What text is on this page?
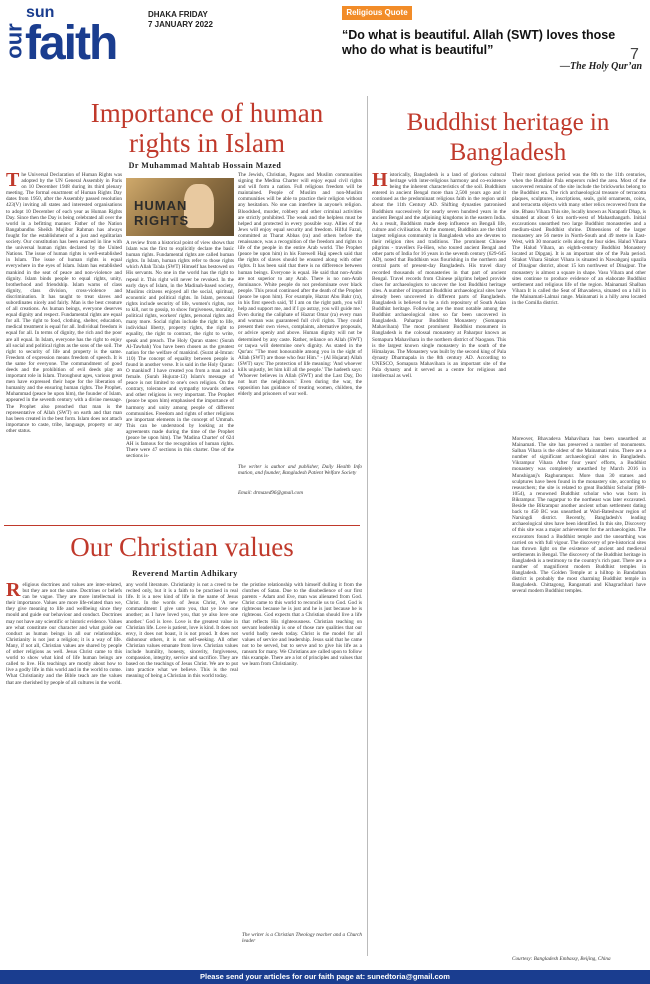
our
sun
faith
DHAKA FRIDAY
7 JANUARY 2022
Religious Quote
“Do what is beautiful. Allah (SWT) loves those who do what is beautiful”
—The Holy Qur’an
7
Importance of human rights in Islam
Dr Muhammad Mahtab Hossain Mazed
The Universal Declaration of Human Rights was adopted by the UN General Assembly in Paris on 10 December 1948 during its third plenary meeting. The formal enactment of Human Rights Day dates from 1950, after the Assembly passed resolution 423(V) inviting all states and interested organisations to adopt 10 December of each year as Human Rights Day. Since then the Day is being celebrated all over the world in a befitting manner. Father of the Nation Bangabandhu Sheikh Mujibur Rahman has always fought for the establishment of a just and egalitarian society. Our constitution has been enacted in line with the universal human rights declared by the United Nations. The issue of human rights is well-established in Islam. The issue of human rights is equal everywhere in the eyes of Islam. Islam has established mankind in the seat of peace and non-violence and dignity. Islam binds people to equal rights, unity, brotherhood and friendship. Islam warns of class dignity, class division, cross-violence and discrimination. It has taught to treat slaves and subordinates nicely and fairly. Man is the best creature of all creations. As human beings, everyone deserves equal dignity and respect. Fundamental rights are equal for all. The right to food, clothing, shelter, education, medical treatment is equal for all. Individual freedom is equal for all. In terms of dignity, the rich and the poor are all equal. In Islam, everyone has the right to enjoy all social and political rights as the sons of the soil. The right to security of life and property is the same. Freedom of expression means freedom of speech. It is the same for everyone. The commandment of good deeds and the prohibition of evil deeds play an important role in Islam. Throughout ages, various great men have expressed their hope for the liberation of humanity and the ensuring human rights. The Prophet, Muhammad (peace be upon him), the founder of Islam, appeared in the seventh century with a divine message. The Prophet also preached that man is the representative of Allah (SWT) on earth and that man has been created in the best form. Islam does not attach importance to caste, tribe, language, property or any other status.
HUMAN RIGHTS
A review from a historical point of view shows that Islam was the first to explicitly declare the basic human rights. Fundamental rights are called human rights. In Islam, human rights refer to those rights which Allah Ta'ala (SWT) Himself has bestowed on His servants. No one in the world has the right to repeal it. This right will never be revoked. In the early days of Islam, in the Madinah-based society, Muslims citizens enjoyed all the social, spiritual, economic and political rights. In Islam, personal rights include security of life, women's rights, not to kill, not to gossip, to show forgiveness, morality, political rights, workers' rights, personal rights and many more. Social rights include the right to life, individual liberty, property rights, the right to equality, the right to contract, the right to write, speak and preach. The Holy Quran states: (Surah Al-Tawbah) You have been chosen as the greatest nation for the welfare of mankind. (Surat al-Imran: 110) The concept of equality between people is found in another verse. It is said in the Holy Quran: O mankind! I have created you from a man and a female. (Surah Hujurat-13) Islam's message of peace is not limited to one's own religion. On the contrary, tolerance and sympathy towards others and other religions is very important. The Prophet (peace be upon him) emphasised the importance of harmony and unity among people of different communities. Freedom and rights of other religions are important elements in the concept of Ummah. This can be understood by looking at the agreements made during the time of the Prophet (peace be upon him). The 'Madina Charter' of 624 AH is famous for the recognition of human rights. There were 47 sections in this charter. One of the sections is-
The Jewish, Christian, Pagans and Muslim communities signing the Medina Charter will enjoy equal civil rights and will form a nation. Full religious freedom will be maintained. People of Muslim and non-Muslim communities will be able to practice their religion without any hesitation. No one can interfere in anyone's religion. Bloodshed, murder, robbery and other criminal activities are strictly prohibited. The weak and the helpless must be helped and protected in every possible way. Allies of the Jews will enjoy equal security and freedom. Hilful Fazul, committed at Tharat Abbas (ra) and others before the renaissance, was a recognition of the freedom and rights to life of the people in the entire Arab world. The Prophet (peace be upon him) in his Farewell Hajj speech said that the rights of slaves should be ensured along with other rights. It has been said that there is no difference between human beings. Everyone is equal. He said that non-Arabs are not superior to any Arab. There is no non-Arab dominance. White people do not predominate over black people. This proud continued after the death of the Prophet (peace be upon him). For example, Hazrat Abu Bakr (ra), in his first speech said, 'If I am on the right path, you will help and support me, and if I go astray, you will guide me.' Even during the caliphate of Hazrat Omar (ra) every man and woman was guaranteed full civil rights. They could present their own views, complaints, alternative proposals, or advice openly and above. Human dignity will not be determined by any caste. Rather, reliance on Allah (SWT) or taqwa will determine one's dignity. As stated in the Qur'an: "The most honourable among you in the sight of Allah (SWT) are those who fear Him." - (Al Hujarat) Allah (SWT) says: The protection of life meaning: 'And whoever kills unjustly, let him kill all the people.' The hadeeth says: 'Whoever believes in Allah (SWT) and the Last Day, Do not hurt the neighbours.' Even during the war, the opposition has guidance of treating women, children, the elderly and prisoners of war well.
The writer is author and publisher, Daily Health Info mation, and founder, Bangladesh Patient Welfare Society
Email: drmazed96@gmail.com
Our Christian values
Reverend Martin Adhikary
Religious doctrines and values are inter-related, but they are not the same. Doctrines or beliefs can be vague. They are more intellectual in their importance. Values are more life-related than we, they give meaning to life and wellbeing since they mould and guide our behaviour and conduct. Doctrines may not have any scientific or historic evidence. Values are what constitute our character and what guide our conduct as human beings in all our relationships. Christianity is not just a religion; it is a way of life. Many, if not all, Christian values are shared by people of other religions as well. Jesus Christ came to this world to show what kind of life human beings are called to live. His teachings are mostly about how to live a godly life in this world and in the world to come. What Christianity and the Bible teach are the values that are cherished by people of all cultures in the world.
any world literature. Christianity is not a creed to be recited only, but it is a faith to be practised in real life. It is a new kind of life in the name of Jesus Christ. In the words of Jesus Christ, 'A new commandment I give unto you, that ye love one another; as I have loved you, that ye also love one another.' God is love. Love is the greatest value in Christian life. Love is patient, love is kind. It does not envy, it does not boast, it is not proud. It does not dishonour others, it is not self-seeking. All other Christian values emanate from love. Christian values include humility, honesty, sincerity, forgiveness, compassion, integrity, service and sacrifice. They are based on the teachings of Jesus Christ. We are to put into practice what we believe. This is the real meaning of being a Christian in this world today.
the pristine relationship with himself dulling it from the clutches of Satan. Due to the disobedience of our first parents - Adam and Eve, man was alienated from God. Christ came to this world to reconcile us to God. God is righteous because he is just and he is just because he is righteous. God expects that a Christian should live a life that reflects His righteousness. Christian teaching on servant leadership is one of those rare qualities that our world badly needs today. Christ is the model for all values of service and leadership. Jesus said that he came not to be served, but to serve and to give his life as a ransom for many. We Christians are called upon to follow this example. There are a lot of principles and values that we learn from Christianity.
The writer is a Christian Theology teacher and a Church leader
Buddhist heritage in Bangladesh
Historically, Bangladesh is a land of glorious cultural heritage with inter-religious harmony and co-existence being the inherent characteristics of the soil. Buddhism entered in ancient Bengal more than 2,500 years ago and it continued as the predominant religious faith in the region until about the 11th Century AD. Shifting dynasties patronised Buddhism successively for nearly seven hundred years in the ancient Bengal and the adjoining kingdoms in the eastern India. As a result, Buddhism made deep influence on Bengali life, culture and civilisation. At the moment, Buddhists are the third largest religious community in Bangladesh who are devotes to their religion rites and traditions. The prominent Chinese pilgrims - travellers Fa-Hien, who toured ancient Bengal and other parts of India for 16 years in the seventh century (629-645 AD), noted that Buddhism was flourishing in the northern and central parts of present-day Bangladesh. His travel diary recorded thousands of monasteries in that part of ancient Bengal. Travel records from Chinese pilgrims helped provide clues for archaeologists to uncover the lost Buddhist heritage sites. A number of important Buddhist archaeological sites have already been uncovered in different parts of Bangladesh. Bangladesh is believed to be a rich repository of South Asian Buddhist heritage. Following are the most notable among the Buddhist archaeological sites so far been uncovered in Bangladesh. Paharpur Buddhist Monastery (Somapura Mahavihara) The most prominent Buddhist monument in Bangladesh is the colossal monastery at Paharpur known as Somapura Mahavihara in the northern district of Naogaon. This is the largest known single monastery in the south of the Himalayas. The Monastery was built by the second king of Pala dynasty Dharmapala in the 8th century AD. According to UNESCO, Somapura Mahavihara is an important site of the Pala dynasty and it served as a centre for religious and intellectual as well.
Their most glorious period was the 8th to the 11th centuries, when the Buddhist Pala emperors ruled the area. Most of the uncovered remains of the site include the brickworks belong to the Buddhist era. The rich archaeological treasure of terracotta plaques, sculptures, inscriptions, seals, gold ornaments, coins, and terracotta objects with many other relics recovered from the site. Bhasu Vihara This site, locally known as Narapatir Dhap, is situated at about 6 km north-west of Mahasthangarh. Initial excavations unearthed two large Buddhist monasteries and a medium-sized Buddhist shrine. Dimensions of the larger monastery are 56 metre in North-South and 49 metre in East-West, with 30 monastic cells along the four sides. Halud Vihara The Halud Vihara, an eighth-century Buddhist Monastery located at Dipganj. It is an important site of the Pala period. Sitakot Vihara Sitakot Vihara is situated in Nawabganj upazila of Dinajpur district, about 15 km northwest of Dinajpur. The monastery is almost a square in shape. Vasu Vihara and other sites continue to produce evidence of an elaborate Buddhist settlement and religious life of the region. Mainamati Shalban Vihara It is called the Seat of Bhavadeva, situated on a hill in the Mainamati-Lalmai range. Mainamati is a hilly area located in the Comilla district.
Moreover, Bhavadeva Mahavihara has been unearthed at Mainamati. The site has preserved a number of monuments. Salban Vihara is the oldest of the Mainamati ruins. There are a number of significant archaeological sites in Bangladesh. Vikrampur Vihara After four years' efforts, a Buddhist monastery was completely unearthed by March 2016 in Munshiganj's Raghurampur. More than 30 statues and sculptures have been found in the monastery site, according to researchers; the site is related to great Buddhist Scholar (980-1054), a renowned Buddhist scholar who was born in Bikrampur. The nagarpur to the northeast was later excavated. Beside the Bikrampur another ancient urban settlement dating back to 450 BC was unearthed at Wari-Bateshwar region of Narsingdi district. Recently, Bangladesh's leading archaeological sites have been identified. In this site, Discovery of this site was a major achievement for the archaeologists. The excavators found a Buddhist temple and the unearthing was carried on with full vigour. The discovery of pre-historical sites has thrown light on the existence of ancient and medieval settlements in Bengal. The discovery of the Buddhist heritage in Bangladesh is a testimony to the country's rich past. There are a number of magnificent modern Buddhist temples in Bangladesh. The Golden Temple at a hilltop in Bandarban district is probably the most charming Buddhist temple in Bangladesh. Chittagong, Rangamati and Khagrachhari have several modern Buddhist temples.
Courtesy: Bangladesh Embassy, Beijing, China
Please send your articles for our faith page at: sunedtoria@gmail.com
